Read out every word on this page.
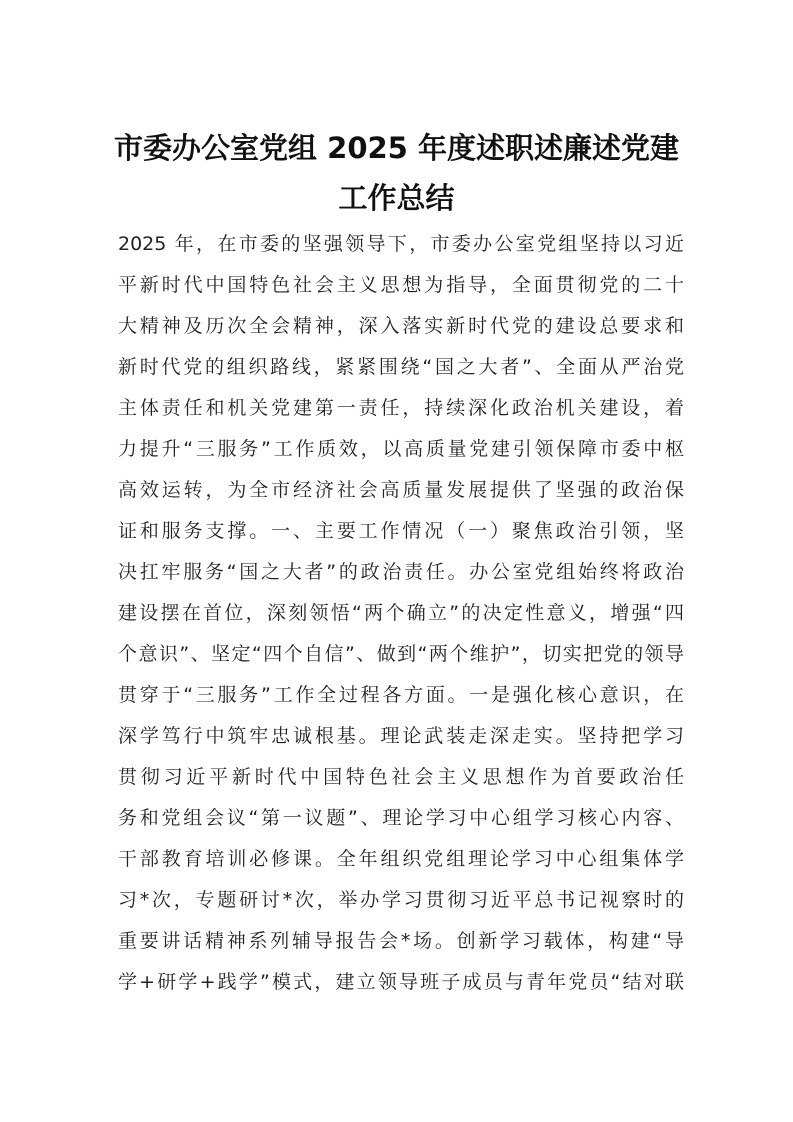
市委办公室党组 2025 年度述职述廉述党建
工作总结
2025 年，在市委的坚强领导下，市委办公室党组坚持以习近
平新时代中国特色社会主义思想为指导，全面贯彻党的二十
大精神及历次全会精神，深入落实新时代党的建设总要求和
新时代党的组织路线，紧紧围绕“国之大者”、全面从严治党
主体责任和机关党建第一责任，持续深化政治机关建设，着
力提升“三服务”工作质效，以高质量党建引领保障市委中枢
高效运转，为全市经济社会高质量发展提供了坚强的政治保
证和服务支撑。一、主要工作情况（一）聚焦政治引领，坚
决扛牢服务“国之大者”的政治责任。办公室党组始终将政治
建设摆在首位，深刻领悟“两个确立”的决定性意义，增强“四
个意识”、坚定“四个自信”、做到“两个维护”，切实把党的领导
贯穿于“三服务”工作全过程各方面。一是强化核心意识，在
深学笃行中筑牢忠诚根基。理论武装走深走实。坚持把学习
贯彻习近平新时代中国特色社会主义思想作为首要政治任
务和党组会议“第一议题”、理论学习中心组学习核心内容、
干部教育培训必修课。全年组织党组理论学习中心组集体学
习*次，专题研讨*次，举办学习贯彻习近平总书记视察时的
重要讲话精神系列辅导报告会*场。创新学习载体，构建“导
学+研学+践学”模式，建立领导班子成员与青年党员“结对联
